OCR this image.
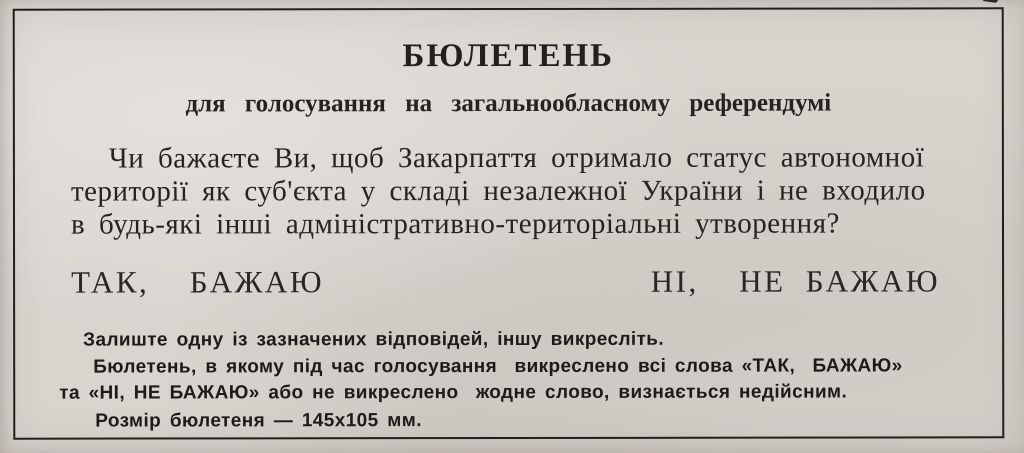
БЮЛЕТЕНЬ
для голосування на загальнообласному референдумі

Чи бажаєте Ви, щоб Закарпаття отримало статус автономної

території як суб'єкта у складі незалежної України і не входило

в будь-які інші адміністративно-територіальні утворення?

ТАК,  БАЖАЮ	НІ,  НЕ БАЖАЮ

Залиште одну із зазначених відповідей, іншу викресліть.

Бюлетень, в якому під час голосування  викреслено всі слова «ТАК,  БАЖАЮ»

та «НІ, НЕ БАЖАЮ» або не викреслено  жодне слово, визнається недійсним.

Розмір бюлетеня — 145x105 мм.
